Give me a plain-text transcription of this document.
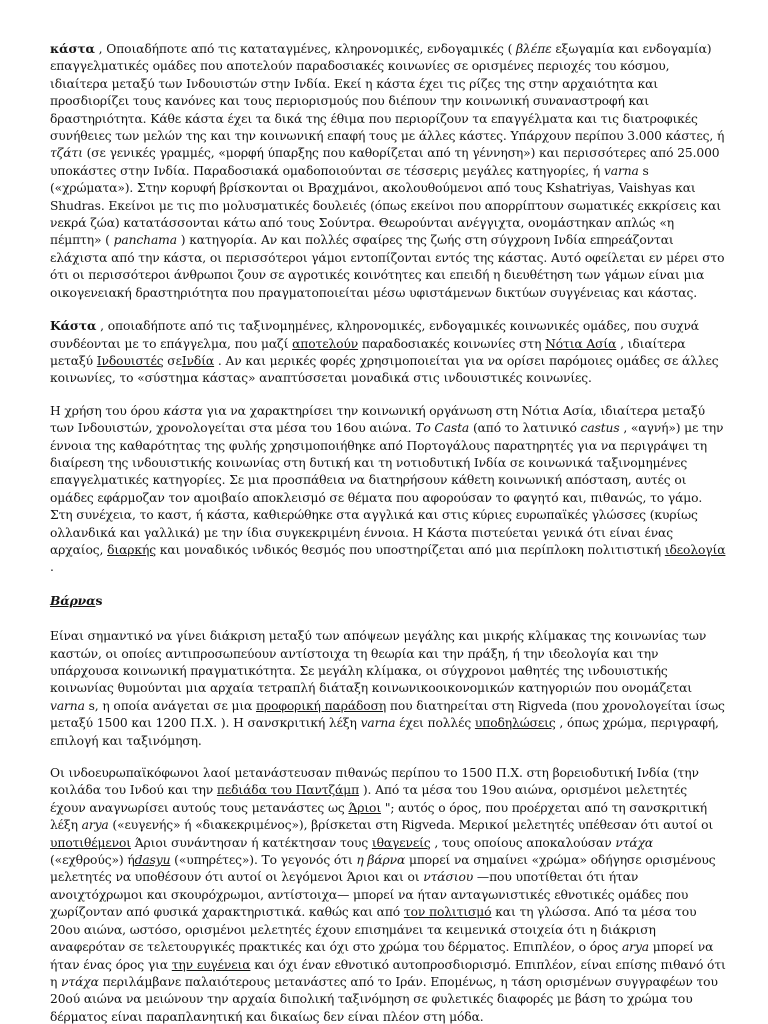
κάστα , Οποιαδήποτε από τις καταταγμένες, κληρονομικές, ενδογαμικές ( βλέπε εξωγαμία και ενδογαμία) επαγγελματικές ομάδες που αποτελούν παραδοσιακές κοινωνίες σε ορισμένες περιοχές του κόσμου, ιδιαίτερα μεταξύ των Ινδουιστών στην Ινδία. Εκεί η κάστα έχει τις ρίζες της στην αρχαιότητα και προσδιορίζει τους κανόνες και τους περιορισμούς που διέπουν την κοινωνική συναναστροφή και δραστηριότητα. Κάθε κάστα έχει τα δικά της έθιμα που περιορίζουν τα επαγγέλματα και τις διατροφικές συνήθειες των μελών της και την κοινωνική επαφή τους με άλλες κάστες. Υπάρχουν περίπου 3.000 κάστες, ή τζάτι (σε γενικές γραμμές, «μορφή ύπαρξης που καθορίζεται από τη γέννηση») και περισσότερες από 25.000 υποκάστες στην Ινδία. Παραδοσιακά ομαδοποιούνται σε τέσσερις μεγάλες κατηγορίες, ή varna s («χρώματα»). Στην κορυφή βρίσκονται οι Βραχμάνοι, ακολουθούμενοι από τους Kshatriyas, Vaishyas και Shudras. Εκείνοι με τις πιο μολυσματικές δουλειές (όπως εκείνοι που απορρίπτουν σωματικές εκκρίσεις και νεκρά ζώα) κατατάσσονται κάτω από τους Σούντρα. Θεωρούνται ανέγγιχτα, ονομάστηκαν απλώς «η πέμπτη» ( panchama ) κατηγορία. Αν και πολλές σφαίρες της ζωής στη σύγχρονη Ινδία επηρεάζονται ελάχιστα από την κάστα, οι περισσότεροι γάμοι εντοπίζονται εντός της κάστας. Αυτό οφείλεται εν μέρει στο ότι οι περισσότεροι άνθρωποι ζουν σε αγροτικές κοινότητες και επειδή η διευθέτηση των γάμων είναι μια οικογενειακή δραστηριότητα που πραγματοποιείται μέσω υφιστάμενων δικτύων συγγένειας και κάστας.

Κάστα , οποιαδήποτε από τις ταξινομημένες, κληρονομικές, ενδογαμικές κοινωνικές ομάδες, που συχνά συνδέονται με το επάγγελμα, που μαζί αποτελούν παραδοσιακές κοινωνίες στη Νότια Ασία , ιδιαίτερα μεταξύ Ινδουιστές σεΙνδία . Αν και μερικές φορές χρησιμοποιείται για να ορίσει παρόμοιες ομάδες σε άλλες κοινωνίες, το «σύστημα κάστας» αναπτύσσεται μοναδικά στις ινδουιστικές κοινωνίες.

Η χρήση του όρου κάστα για να χαρακτηρίσει την κοινωνική οργάνωση στη Νότια Ασία, ιδιαίτερα μεταξύ των Ινδουιστών, χρονολογείται στα μέσα του 16ου αιώνα. Το Casta (από το λατινικό castus , «αγνή») με την έννοια της καθαρότητας της φυλής χρησιμοποιήθηκε από Πορτογάλους παρατηρητές για να περιγράψει τη διαίρεση της ινδουιστικής κοινωνίας στη δυτική και τη νοτιοδυτική Ινδία σε κοινωνικά ταξινομημένες επαγγελματικές κατηγορίες. Σε μια προσπάθεια να διατηρήσουν κάθετη κοινωνική απόσταση, αυτές οι ομάδες εφάρμοζαν τον αμοιβαίο αποκλεισμό σε θέματα που αφορούσαν το φαγητό και, πιθανώς, το γάμο. Στη συνέχεια, το καστ, ή κάστα, καθιερώθηκε στα αγγλικά και στις κύριες ευρωπαϊκές γλώσσες (κυρίως ολλανδικά και γαλλικά) με την ίδια συγκεκριμένη έννοια. Η Κάστα πιστεύεται γενικά ότι είναι ένας αρχαίος, διαρκής και μοναδικός ινδικός θεσμός που υποστηρίζεται από μια περίπλοκη πολιτιστική ιδεολογία .

Βάρναs

Είναι σημαντικό να γίνει διάκριση μεταξύ των απόψεων μεγάλης και μικρής κλίμακας της κοινωνίας των καστών, οι οποίες αντιπροσωπεύουν αντίστοιχα τη θεωρία και την πράξη, ή την ιδεολογία και την υπάρχουσα κοινωνική πραγματικότητα. Σε μεγάλη κλίμακα, οι σύγχρονοι μαθητές της ινδουιστικής κοινωνίας θυμούνται μια αρχαία τετραπλή διάταξη κοινωνικοοικονομικών κατηγοριών που ονομάζεται varna s, η οποία ανάγεται σε μια προφορική παράδοση που διατηρείται στη Rigveda (που χρονολογείται ίσως μεταξύ 1500 και 1200 Π.Χ. ). Η σανσκριτική λέξη varna έχει πολλές υποδηλώσεις , όπως χρώμα, περιγραφή, επιλογή και ταξινόμηση.

Οι ινδοευρωπαϊκόφωνοι λαοί μετανάστευσαν πιθανώς περίπου το 1500 Π.Χ. στη βορειοδυτική Ινδία (την κοιλάδα του Ινδού και την πεδιάδα του Παντζάμπ ). Από τα μέσα του 19ου αιώνα, ορισμένοι μελετητές έχουν αναγνωρίσει αυτούς τους μετανάστες ως Άριοι "; αυτός ο όρος, που προέρχεται από τη σανσκριτική λέξη arya («ευγενής» ή «διακεκριμένος»), βρίσκεται στη Rigveda. Μερικοί μελετητές υπέθεσαν ότι αυτοί οι υποτιθέμενοι Άριοι συνάντησαν ή κατέκτησαν τους ιθαγενείς , τους οποίους αποκαλούσαν ντάχα («εχθρούς») ήdasyu («υπηρέτες»). Το γεγονός ότι η βάρνα μπορεί να σημαίνει «χρώμα» οδήγησε ορισμένους μελετητές να υποθέσουν ότι αυτοί οι λεγόμενοι Άριοι και οι ντάσιου —που υποτίθεται ότι ήταν ανοιχτόχρωμοι και σκουρόχρωμοι, αντίστοιχα— μπορεί να ήταν ανταγωνιστικές εθνοτικές ομάδες που χωρίζονταν από φυσικά χαρακτηριστικά. καθώς και από τον πολιτισμό και τη γλώσσα. Από τα μέσα του 20ου αιώνα, ωστόσο, ορισμένοι μελετητές έχουν επισημάνει τα κειμενικά στοιχεία ότι η διάκριση αναφερόταν σε τελετουργικές πρακτικές και όχι στο χρώμα του δέρματος. Επιπλέον, ο όρος arya μπορεί να ήταν ένας όρος για την ευγένεια και όχι έναν εθνοτικό αυτοπροσδιορισμό. Επιπλέον, είναι επίσης πιθανό ότι η ντάχα περιλάμβανε παλαιότερους μετανάστες από το Ιράν. Επομένως, η τάση ορισμένων συγγραφέων του 20ού αιώνα να μειώνουν την αρχαία διπολική ταξινόμηση σε φυλετικές διαφορές με βάση το χρώμα του δέρματος είναι παραπλανητική και δικαίως δεν είναι πλέον στη μόδα.
